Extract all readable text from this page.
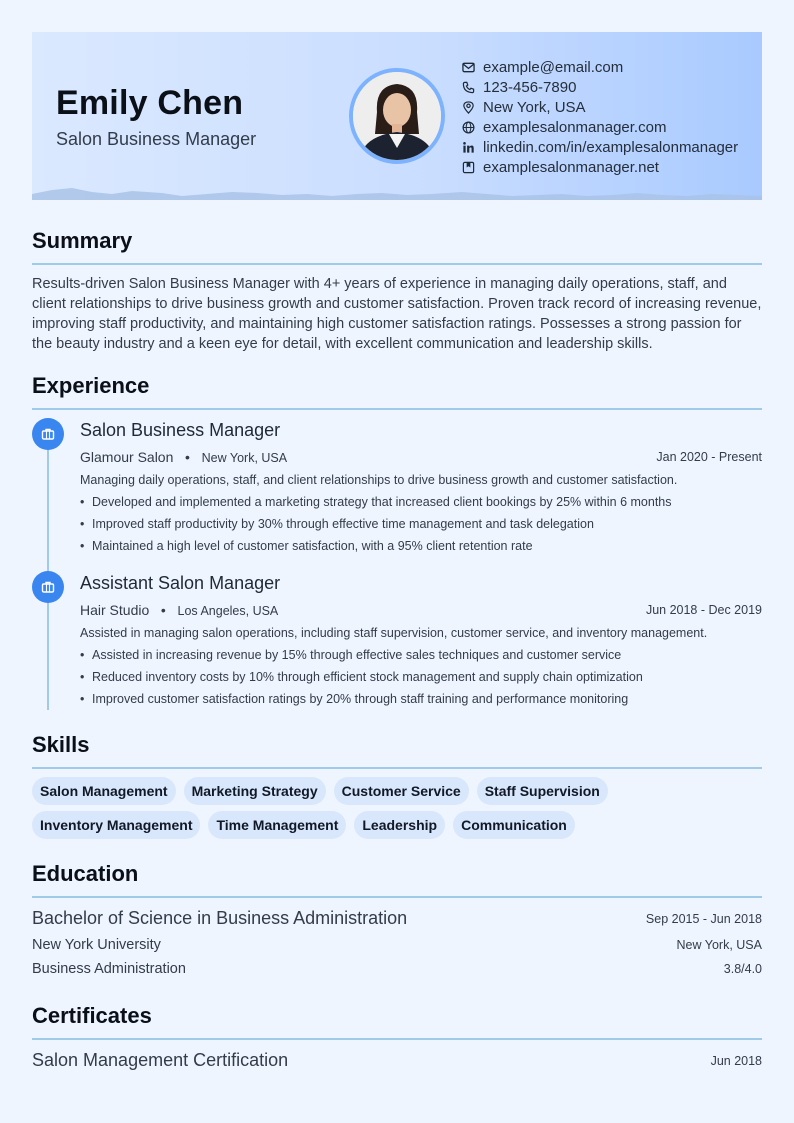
Emily Chen
Salon Business Manager
example@email.com
123-456-7890
New York, USA
examplesalonmanager.com
linkedin.com/in/examplesalonmanager
examplesalonmanager.net
Summary
Results-driven Salon Business Manager with 4+ years of experience in managing daily operations, staff, and client relationships to drive business growth and customer satisfaction. Proven track record of increasing revenue, improving staff productivity, and maintaining high customer satisfaction ratings. Possesses a strong passion for the beauty industry and a keen eye for detail, with excellent communication and leadership skills.
Experience
Salon Business Manager
Glamour Salon   •   New York, USA	Jan 2020 - Present
Managing daily operations, staff, and client relationships to drive business growth and customer satisfaction.
• Developed and implemented a marketing strategy that increased client bookings by 25% within 6 months
• Improved staff productivity by 30% through effective time management and task delegation
• Maintained a high level of customer satisfaction, with a 95% client retention rate
Assistant Salon Manager
Hair Studio   •   Los Angeles, USA	Jun 2018 - Dec 2019
Assisted in managing salon operations, including staff supervision, customer service, and inventory management.
• Assisted in increasing revenue by 15% through effective sales techniques and customer service
• Reduced inventory costs by 10% through efficient stock management and supply chain optimization
• Improved customer satisfaction ratings by 20% through staff training and performance monitoring
Skills
Salon Management	Marketing Strategy	Customer Service	Staff Supervision
Inventory Management	Time Management	Leadership	Communication
Education
Bachelor of Science in Business Administration	Sep 2015 - Jun 2018
New York University	New York, USA
Business Administration	3.8/4.0
Certificates
Salon Management Certification	Jun 2018
